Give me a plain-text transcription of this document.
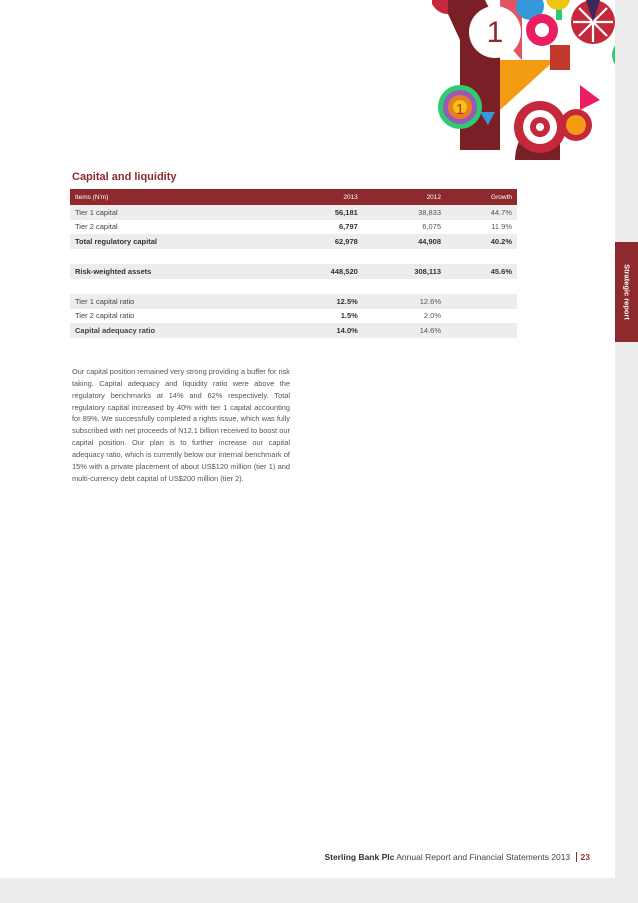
1
1
Capital and liquidity
Items (N'm)	2013	2012	Growth
Tier 1 capital	56,181	38,833	44.7%
Tier 2 capital	6,797	6,075	11.9%
Total regulatory capital	62,978	44,908	40.2%

Risk-weighted assets	448,520	308,113	45.6%

Tier 1 capital ratio	12.5%	12.6%	
Tier 2 capital ratio	1.5%	2.0%	
Capital adequacy ratio	14.0%	14.6%	

Our capital position remained very strong providing a buffer for risk taking. Capital adequacy and liquidity ratio were above the regulatory benchmarks at 14% and 62% respectively. Total regulatory capital increased by 40% with tier 1 capital accounting for 89%. We successfully completed a rights issue, which was fully subscribed with net proceeds of N12.1 billion received to boost our capital position. Our plan is to further increase our capital adequacy ratio, which is currently below our internal benchmark of 15% with a private placement of about US$120 million (tier 1) and multi-currency debt capital of US$200 million (tier 2).

Sterling Bank Plc Annual Report and Financial Statements 2013 23
Strategic report
